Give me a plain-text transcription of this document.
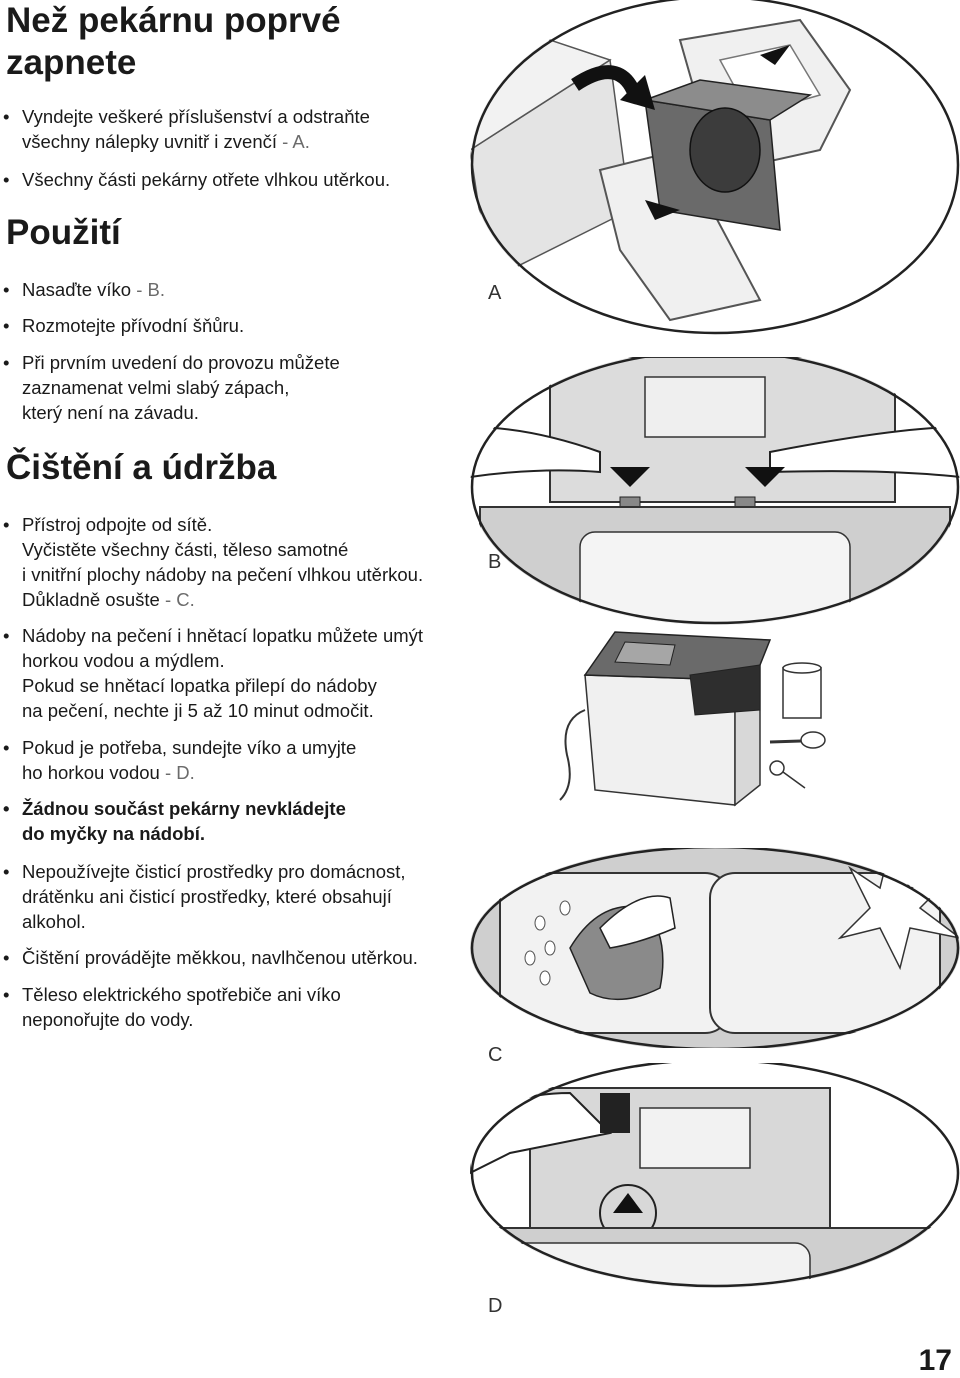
Než pekárnu poprvé
zapnete

• Vyndejte veškeré příslušenství a odstraňte

všechny nálepky uvnitř i zvenčí - A.

• Všechny části pekárny otřete vlhkou utěrkou.

Použití

• Nasaďte víko - B.

• Rozmotejte přívodní šňůru.

• Při prvním uvedení do provozu můžete

zaznamenat velmi slabý zápach,

který není na závadu.

Čištění a údržba

• Přístroj odpojte od sítě.

Vyčistěte všechny části, těleso samotné

i vnitřní plochy nádoby na pečení vlhkou utěrkou.

Důkladně osušte - C.

• Nádoby na pečení i hnětací lopatku můžete umýt

horkou vodou a mýdlem.

Pokud se hnětací lopatka přilepí do nádoby

na pečení, nechte ji 5 až 10 minut odmočit.

• Pokud je potřeba, sundejte víko a umyjte

ho horkou vodou - D.

• Žádnou součást pekárny nevkládejte

do myčky na nádobí.

• Nepoužívejte čisticí prostředky pro domácnost,

drátěnku ani čisticí prostředky, které obsahují

alkohol.

• Čištění provádějte měkkou, navlhčenou utěrkou.

• Těleso elektrického spotřebiče ani víko

neponořujte do vody.

A
B
C
D
17
